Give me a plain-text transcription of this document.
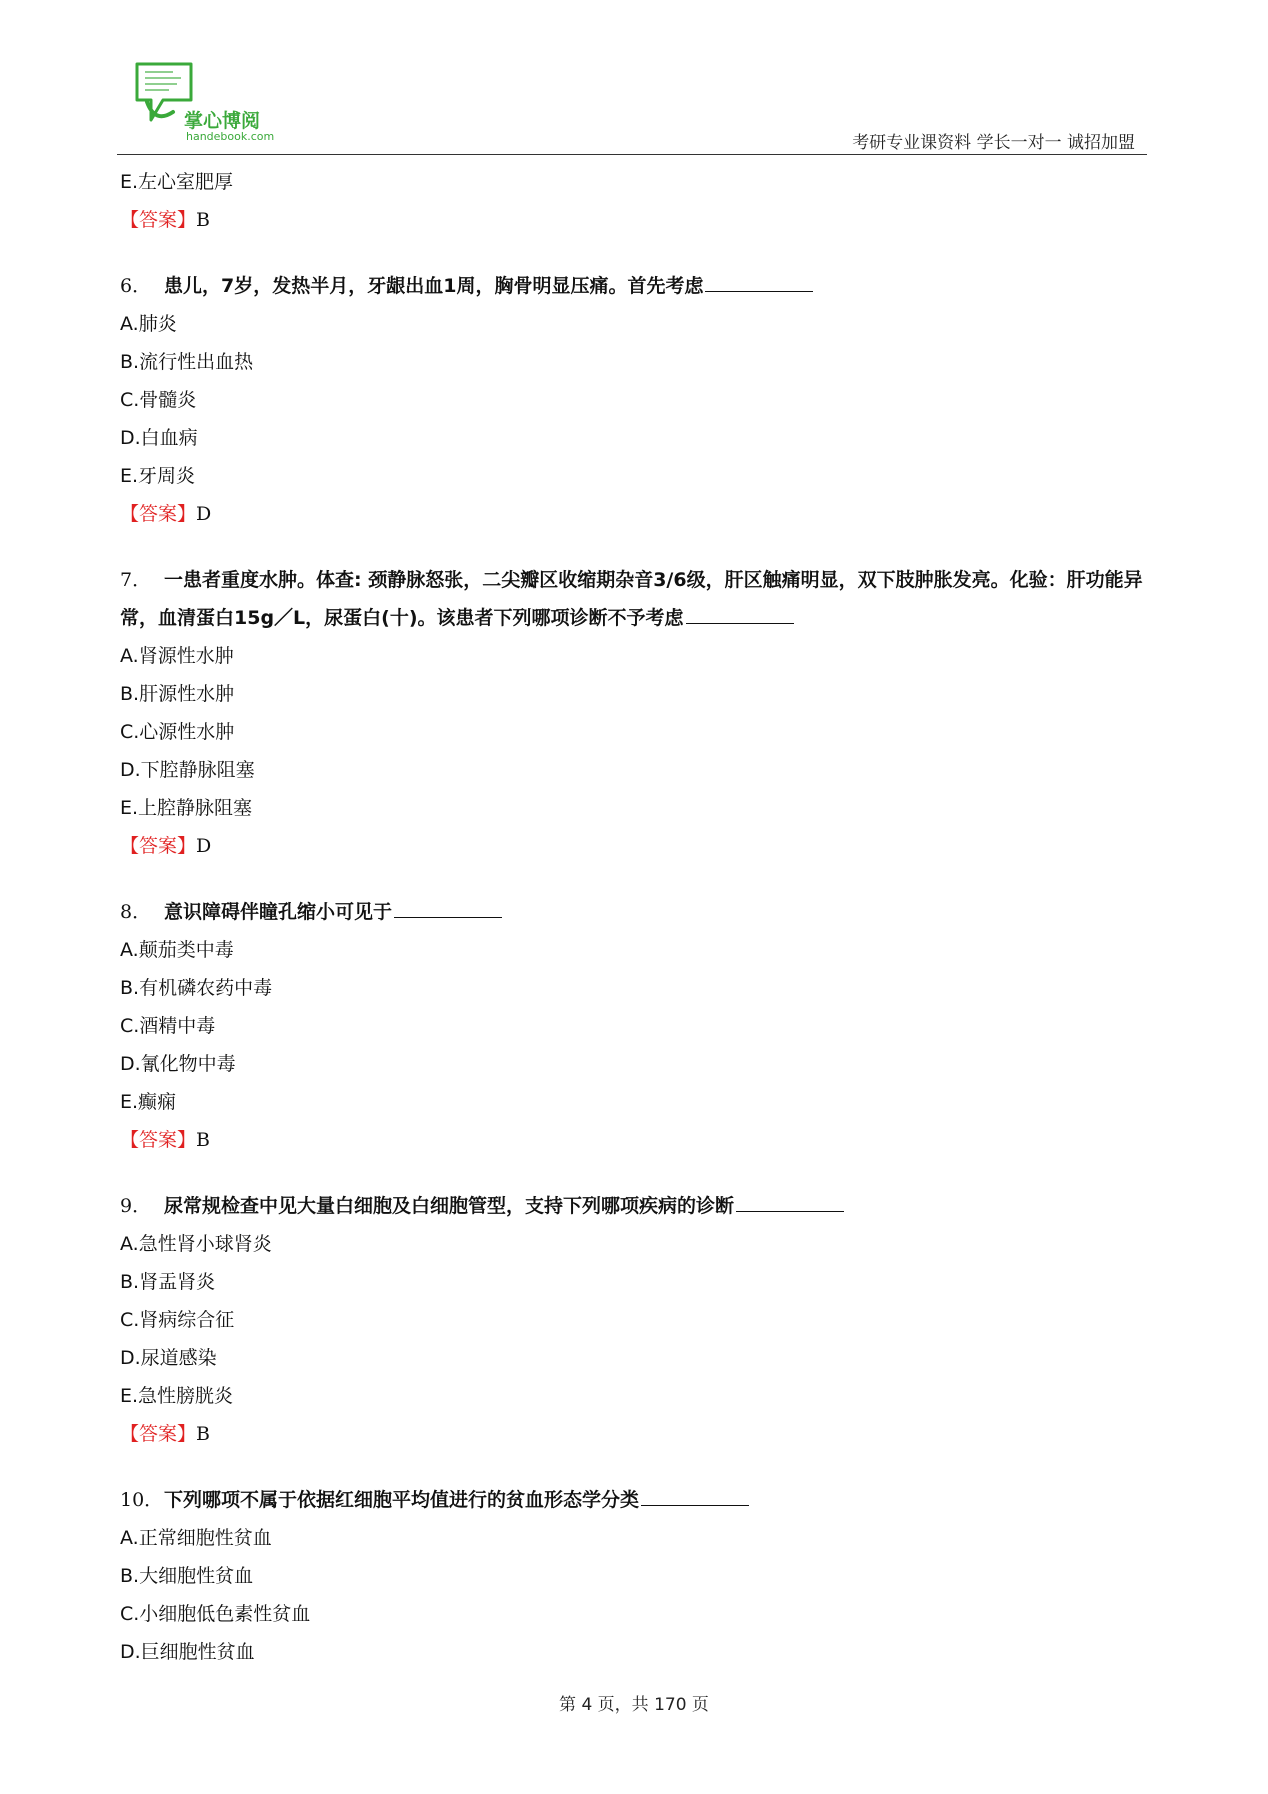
掌心博阅
handebook.com	考研专业课资料 学长一对一 诚招加盟
E.左心室肥厚
【答案】B
6． 患儿，7岁，发热半月，牙龈出血1周，胸骨明显压痛。首先考虑
A.肺炎
B.流行性出血热
C.骨髓炎
D.白血病
E.牙周炎
【答案】D
7． 一患者重度水肿。体查: 颈静脉怒张，二尖瓣区收缩期杂音3/6级，肝区触痛明显，双下肢肿胀发亮。化验：肝功能异常，血清蛋白15g／L，尿蛋白(十)。该患者下列哪项诊断不予考虑
A.肾源性水肿
B.肝源性水肿
C.心源性水肿
D.下腔静脉阻塞
E.上腔静脉阻塞
【答案】D
8． 意识障碍伴瞳孔缩小可见于
A.颠茄类中毒
B.有机磷农药中毒
C.酒精中毒
D.氰化物中毒
E.癫痫
【答案】B
9． 尿常规检查中见大量白细胞及白细胞管型，支持下列哪项疾病的诊断
A.急性肾小球肾炎
B.肾盂肾炎
C.肾病综合征
D.尿道感染
E.急性膀胱炎
【答案】B
10．下列哪项不属于依据红细胞平均值进行的贫血形态学分类
A.正常细胞性贫血
B.大细胞性贫血
C.小细胞低色素性贫血
D.巨细胞性贫血
第 4 页，共 170 页
